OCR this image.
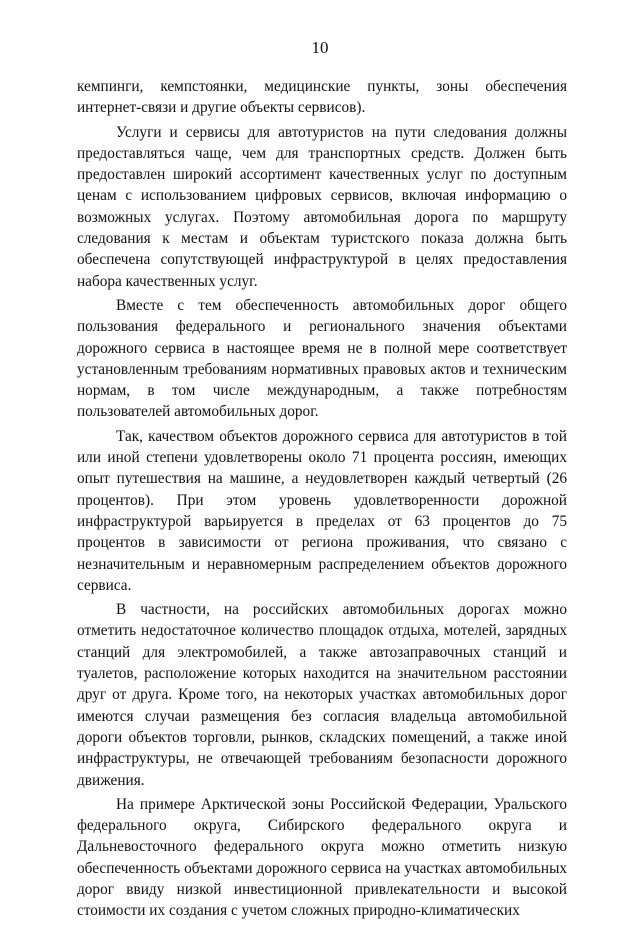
10

кемпинги, кемпстоянки, медицинские пункты, зоны обеспечения интернет-связи и другие объекты сервисов).

Услуги и сервисы для автотуристов на пути следования должны предоставляться чаще, чем для транспортных средств. Должен быть предоставлен широкий ассортимент качественных услуг по доступным ценам с использованием цифровых сервисов, включая информацию о возможных услугах. Поэтому автомобильная дорога по маршруту следования к местам и объектам туристского показа должна быть обеспечена сопутствующей инфраструктурой в целях предоставления набора качественных услуг.

Вместе с тем обеспеченность автомобильных дорог общего пользования федерального и регионального значения объектами дорожного сервиса в настоящее время не в полной мере соответствует установленным требованиям нормативных правовых актов и техническим нормам, в том числе международным, а также потребностям пользователей автомобильных дорог.

Так, качеством объектов дорожного сервиса для автотуристов в той или иной степени удовлетворены около 71 процента россиян, имеющих опыт путешествия на машине, а неудовлетворен каждый четвертый (26 процентов). При этом уровень удовлетворенности дорожной инфраструктурой варьируется в пределах от 63 процентов до 75 процентов в зависимости от региона проживания, что связано с незначительным и неравномерным распределением объектов дорожного сервиса.

В частности, на российских автомобильных дорогах можно отметить недостаточное количество площадок отдыха, мотелей, зарядных станций для электромобилей, а также автозаправочных станций и туалетов, расположение которых находится на значительном расстоянии друг от друга. Кроме того, на некоторых участках автомобильных дорог имеются случаи размещения без согласия владельца автомобильной дороги объектов торговли, рынков, складских помещений, а также иной инфраструктуры, не отвечающей требованиям безопасности дорожного движения.

На примере Арктической зоны Российской Федерации, Уральского федерального округа, Сибирского федерального округа и Дальневосточного федерального округа можно отметить низкую обеспеченность объектами дорожного сервиса на участках автомобильных дорог ввиду низкой инвестиционной привлекательности и высокой стоимости их создания с учетом сложных природно-климатических
